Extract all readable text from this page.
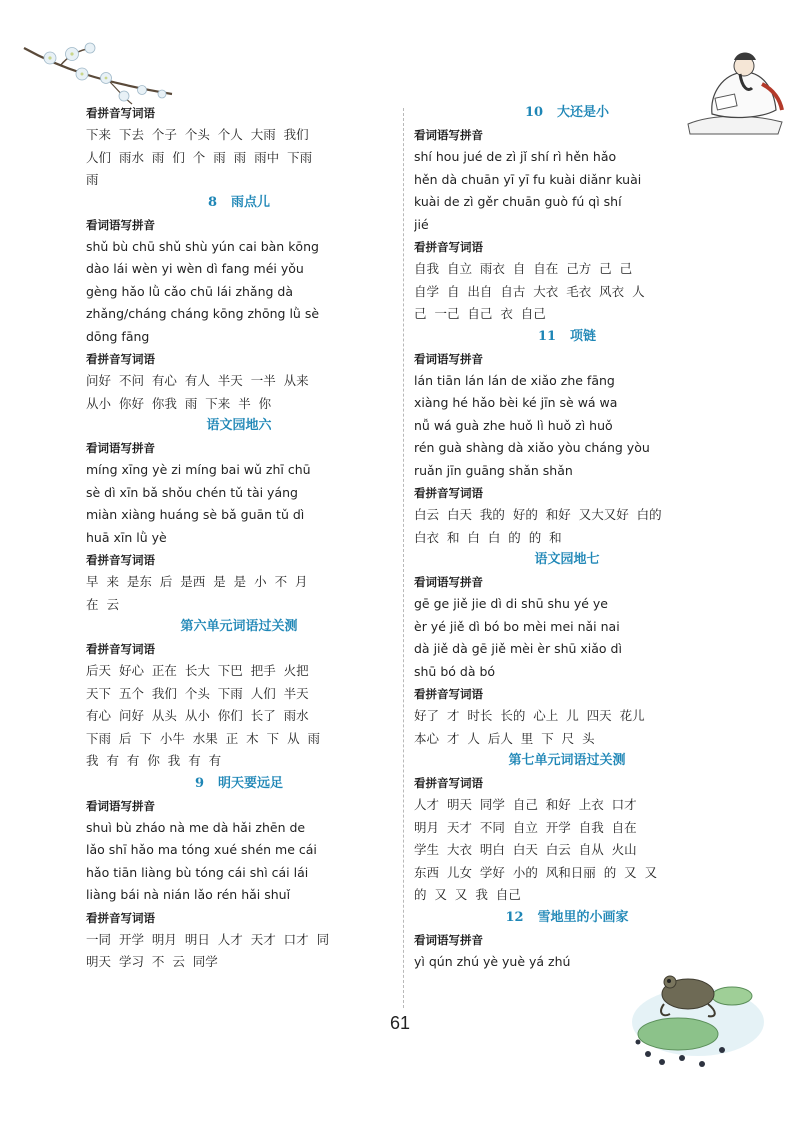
看拼音写词语
下来  下去  个子  个头  个人  大雨  我们
人们  雨水  雨  们  个  雨  雨  雨中  下雨
雨
8 雨点儿
看词语写拼音
shǔ bù chū shǔ shù yún cai bàn kōng
dào lái wèn yi wèn dì fang méi yǒu
gèng hǎo lǜ cǎo chū lái zhǎng dà
zhǎng/cháng cháng kōng zhōng lǜ sè
dōng fāng
看拼音写词语
问好  不问  有心  有人  半天  一半  从来
从小  你好  你我  雨  下来  半  你
语文园地六
看词语写拼音
míng xīng yè zi míng bai wǔ zhī chū
sè dì xīn bǎ shǒu chén tǔ tài yáng
miàn xiàng huáng sè bǎ guān tǔ dì
huā xīn lǜ yè
看拼音写词语
早  来  是东  后  是西  是  是  小  不  月
在  云
第六单元词语过关测
看拼音写词语
后天  好心  正在  长大  下巴  把手  火把
天下  五个  我们  个头  下雨  人们  半天
有心  问好  从头  从小  你们  长了  雨水
下雨  后  下  小牛  水果  正  木  下  从  雨
我  有  有  你  我  有  有
9 明天要远足
看词语写拼音
shuì bù zháo nà me dà hǎi zhēn de
lǎo shī hǎo ma tóng xué shén me cái
hǎo tiān liàng bù tóng cái shì cái lái
liàng bái nà nián lǎo rén hǎi shuǐ
看拼音写词语
一同  开学  明月  明日  人才  天才  口才  同
明天  学习  不  云  同学
10 大还是小
看词语写拼音
shí hou jué de zì jǐ shí rì hěn hǎo
hěn dà chuān yī yī fu kuài diǎnr kuài
kuài de zì gěr chuān guò fú qì shí
jié
看拼音写词语
自我  自立  雨衣  自  自在  己方  己  己
自学  自  出自  自古  大衣  毛衣  风衣  人
己  一己  自己  衣  自己
11 项链
看词语写拼音
lán tiān lán lán de xiǎo zhe fāng
xiàng hé hǎo bèi ké jīn sè wá wa
nǚ wá guà zhe huǒ lì huǒ zì huǒ
rén guà shàng dà xiǎo yòu cháng yòu
ruǎn jīn guāng shǎn shǎn
看拼音写词语
白云  白天  我的  好的  和好  又大又好  白的
白衣  和  白  白  的  的  和
语文园地七
看词语写拼音
gē ge jiě jie dì di shū shu yé ye
èr yé jiě dì bó bo mèi mei nǎi nai
dà jiě dà gē jiě mèi èr shū xiǎo dì
shū bó dà bó
看拼音写词语
好了  才  时长  长的  心上  儿  四天  花儿
本心  才  人  后人  里  下  尺  头
第七单元词语过关测
看拼音写词语
人才  明天  同学  自己  和好  上衣  口才
明月  天才  不同  自立  开学  自我  自在
学生  大衣  明白  白天  白云  自从  火山
东西  儿女  学好  小的  风和日丽  的  又  又
的  又  又  我  自己
12 雪地里的小画家
看词语写拼音
yì qún zhú yè yuè yá zhú
61
